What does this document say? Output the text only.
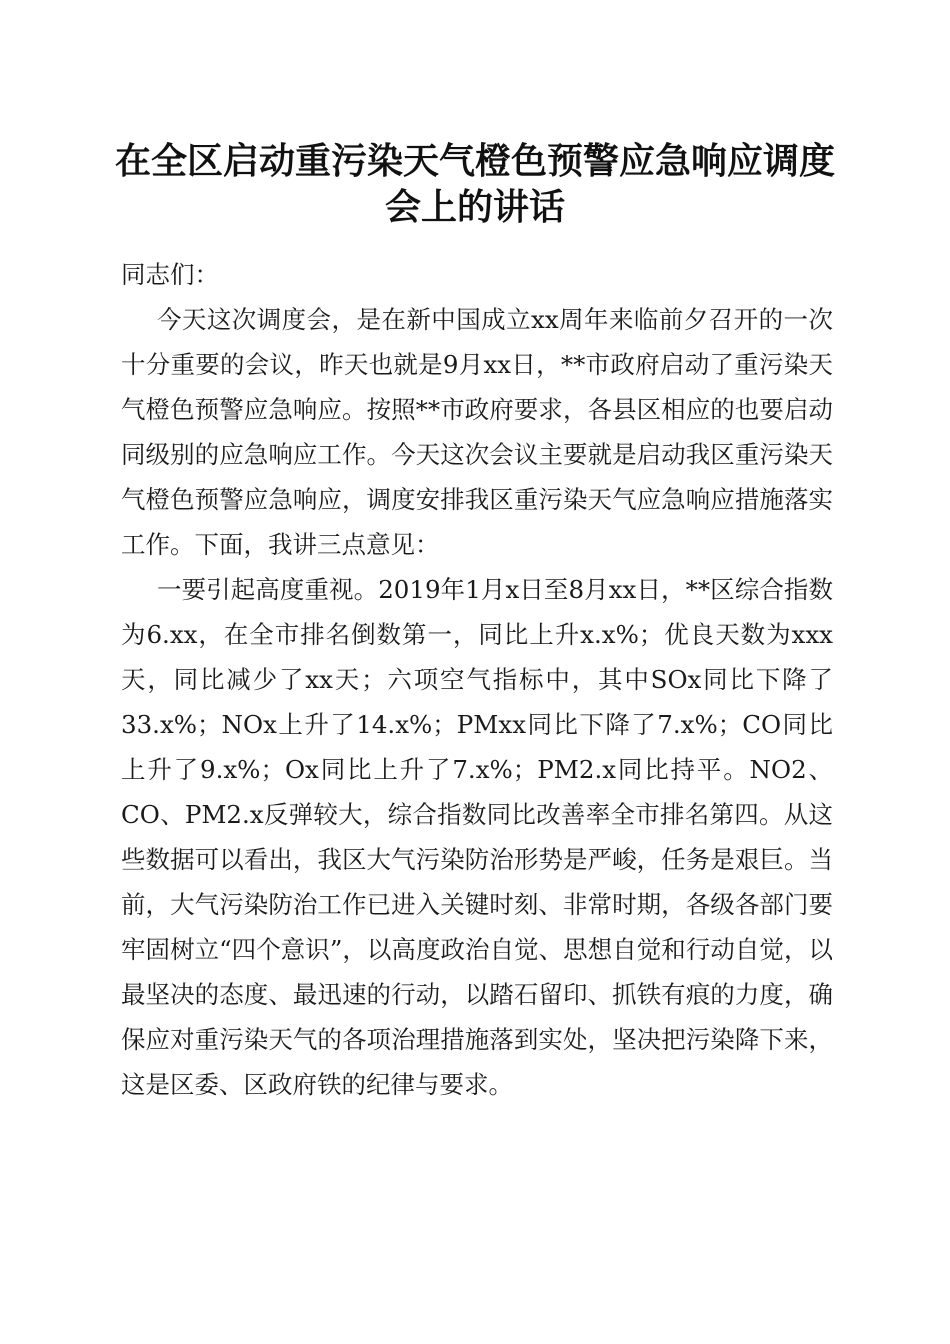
在全区启动重污染天气橙色预警应急响应调度
会上的讲话

同志们：

今天这次调度会，是在新中国成立xx周年来临前夕召开的一次十分重要的会议，昨天也就是9月xx日，**市政府启动了重污染天气橙色预警应急响应。按照**市政府要求，各县区相应的也要启动同级别的应急响应工作。今天这次会议主要就是启动我区重污染天气橙色预警应急响应，调度安排我区重污染天气应急响应措施落实工作。下面，我讲三点意见：

一要引起高度重视。2019年1月x日至8月xx日，**区综合指数为6.xx，在全市排名倒数第一，同比上升x.x%；优良天数为xxx天，同比减少了xx天；六项空气指标中，其中SOx同比下降了33.x%；NOx上升了14.x%；PMxx同比下降了7.x%；CO同比上升了9.x%；Ox同比上升了7.x%；PM2.x同比持平。NO2、CO、PM2.x反弹较大，综合指数同比改善率全市排名第四。从这些数据可以看出，我区大气污染防治形势是严峻，任务是艰巨。当前，大气污染防治工作已进入关键时刻、非常时期，各级各部门要牢固树立“四个意识”，以高度政治自觉、思想自觉和行动自觉，以最坚决的态度、最迅速的行动，以踏石留印、抓铁有痕的力度，确保应对重污染天气的各项治理措施落到实处，坚决把污染降下来，这是区委、区政府铁的纪律与要求。
